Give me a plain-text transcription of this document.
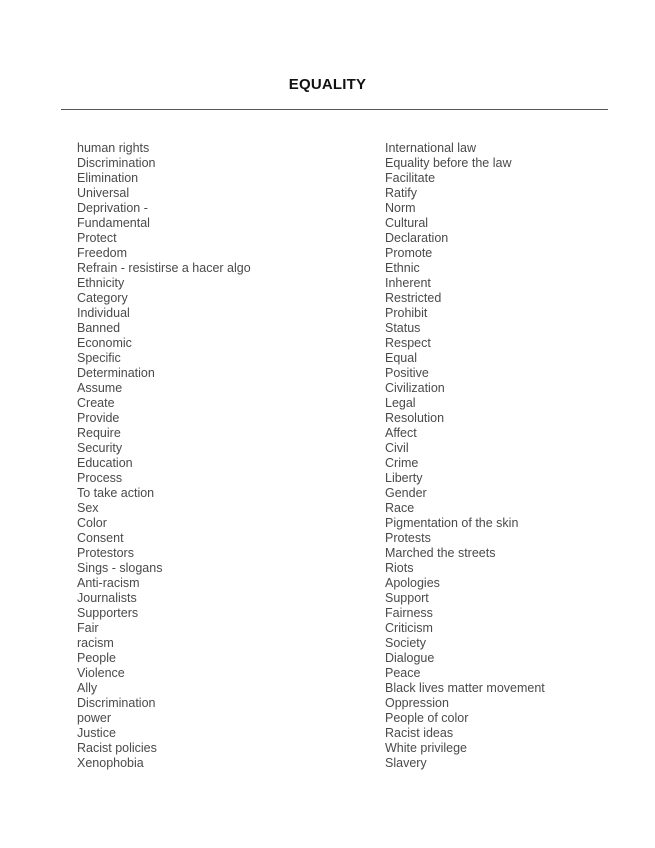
EQUALITY
human rights
Discrimination
Elimination
Universal
Deprivation -
Fundamental
Protect
Freedom
Refrain - resistirse a hacer algo
Ethnicity
Category
Individual
Banned
Economic
Specific
Determination
Assume
Create
Provide
Require
Security
Education
Process
To take action
Sex
Color
Consent
Protestors
Sings - slogans
Anti-racism
Journalists
Supporters
Fair
racism
People
Violence
Ally
Discrimination
power
Justice
Racist policies
Xenophobia
International law
Equality before the law
Facilitate
Ratify
Norm
Cultural
Declaration
Promote
Ethnic
Inherent
Restricted
Prohibit
Status
Respect
Equal
Positive
Civilization
Legal
Resolution
Affect
Civil
Crime
Liberty
Gender
Race
Pigmentation of the skin
Protests
Marched the streets
Riots
Apologies
Support
Fairness
Criticism
Society
Dialogue
Peace
Black lives matter movement
Oppression
People of color
Racist ideas
White privilege
Slavery
